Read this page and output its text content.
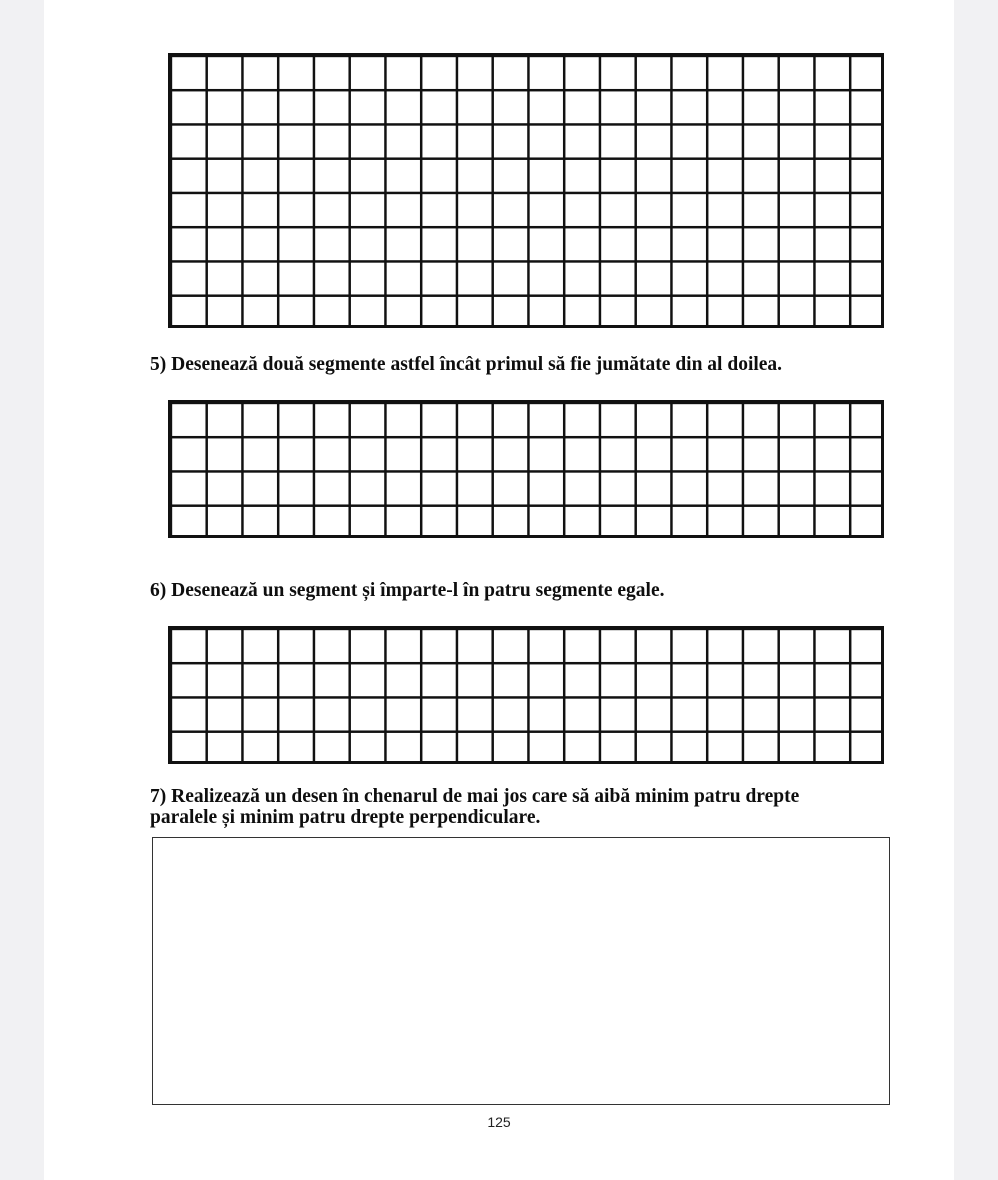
5) Desenează două segmente astfel încât primul să fie jumătate din al doilea.

6) Desenează un segment și împarte-l în patru segmente egale.

7) Realizează un desen în chenarul de mai jos care să aibă minim patru drepte paralele și minim patru drepte perpendiculare.

125
